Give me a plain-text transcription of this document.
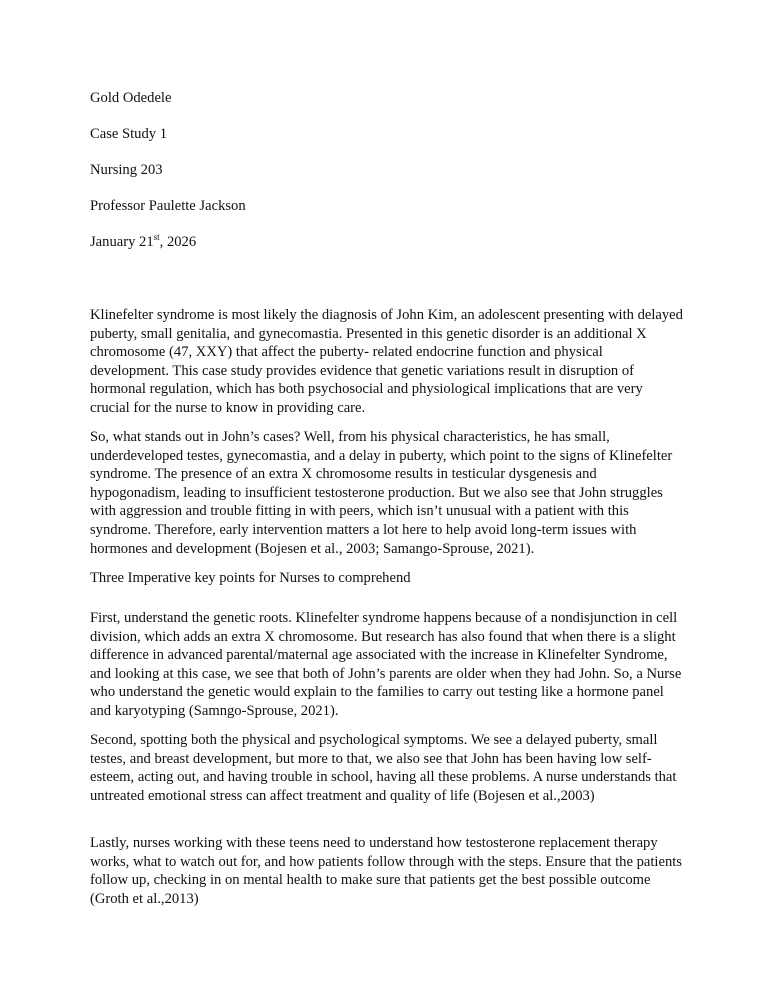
Gold Odedele

Case Study 1

Nursing 203

Professor Paulette Jackson

January 21st, 2026

Klinefelter syndrome is most likely the diagnosis of John Kim, an adolescent presenting with delayed puberty, small genitalia, and gynecomastia. Presented in this genetic disorder is an additional X chromosome (47, XXY) that affect the puberty- related endocrine function and physical development. This case study provides evidence that genetic variations result in disruption of hormonal regulation, which has both psychosocial and physiological implications that are very crucial for the nurse to know in providing care.

So, what stands out in John’s cases? Well, from his physical characteristics, he has small, underdeveloped testes, gynecomastia, and a delay in puberty, which point to the signs of Klinefelter syndrome. The presence of an extra X chromosome results in testicular dysgenesis and hypogonadism, leading to insufficient testosterone production. But we also see that John struggles with aggression and trouble fitting in with peers, which isn’t unusual with a patient with this syndrome. Therefore, early intervention matters a lot here to help avoid long-term issues with hormones and development (Bojesen et al., 2003; Samango-Sprouse, 2021).

Three Imperative key points for Nurses to comprehend

First, understand the genetic roots. Klinefelter syndrome happens because of a nondisjunction in cell division, which adds an extra X chromosome. But research has also found that when there is a slight difference in advanced parental/maternal age associated with the increase in Klinefelter Syndrome, and looking at this case, we see that both of John’s parents are older when they had John. So, a Nurse who understand the genetic would explain to the families to carry out testing like a hormone panel and karyotyping (Samngo-Sprouse, 2021).

Second, spotting both the physical and psychological symptoms. We see a delayed puberty, small testes, and breast development, but more to that, we also see that John has been having low self-esteem, acting out, and having trouble in school, having all these problems. A nurse understands that untreated emotional stress can affect treatment and quality of life (Bojesen et al.,2003)

Lastly, nurses working with these teens need to understand how testosterone replacement therapy works, what to watch out for, and how patients follow through with the steps. Ensure that the patients follow up, checking in on mental health to make sure that patients get the best possible outcome (Groth et al.,2013)
